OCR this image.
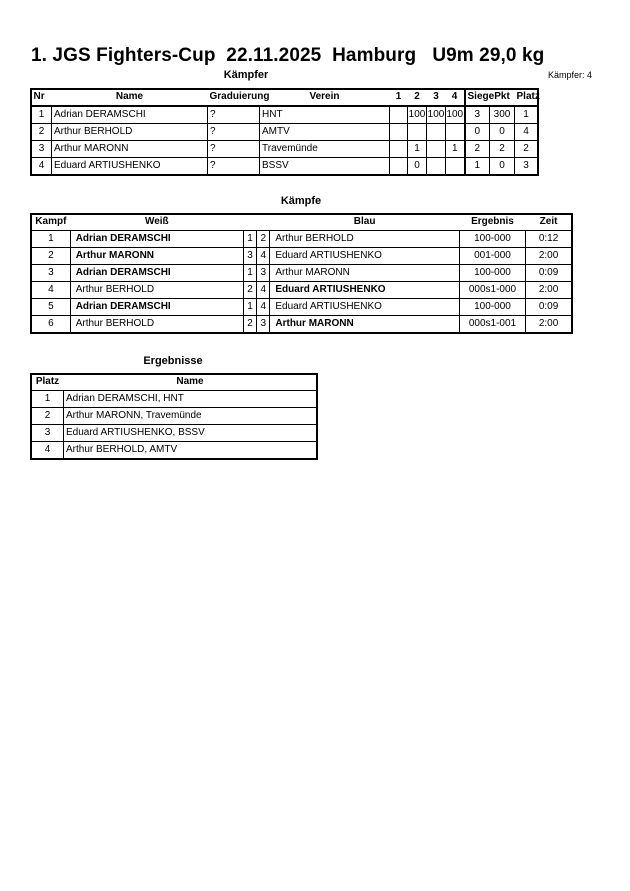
1. JGS Fighters-Cup  22.11.2025  Hamburg   U9m 29,0 kg
Kämpfer: 4
Kämpfer
Nr	Name	Graduierung	Verein	1	2	3	4	Siege	Pkt	Platz
1	Adrian DERAMSCHI	?	HNT		100	100	100	3	300	1
2	Arthur BERHOLD	?	AMTV					0	0	4
3	Arthur MARONN	?	Travemünde		1		1	2	2	2
4	Eduard ARTIUSHENKO	?	BSSV		0			1	0	3
Kämpfe
Kampf	Weiß			Blau	Ergebnis	Zeit
1	Adrian DERAMSCHI	1	2	Arthur BERHOLD	100-000	0:12
2	Arthur MARONN	3	4	Eduard ARTIUSHENKO	001-000	2:00
3	Adrian DERAMSCHI	1	3	Arthur MARONN	100-000	0:09
4	Arthur BERHOLD	2	4	Eduard ARTIUSHENKO	000s1-000	2:00
5	Adrian DERAMSCHI	1	4	Eduard ARTIUSHENKO	100-000	0:09
6	Arthur BERHOLD	2	3	Arthur MARONN	000s1-001	2:00
Ergebnisse
Platz	Name
1	Adrian DERAMSCHI, HNT
2	Arthur MARONN, Travemünde
3	Eduard ARTIUSHENKO, BSSV
4	Arthur BERHOLD, AMTV
